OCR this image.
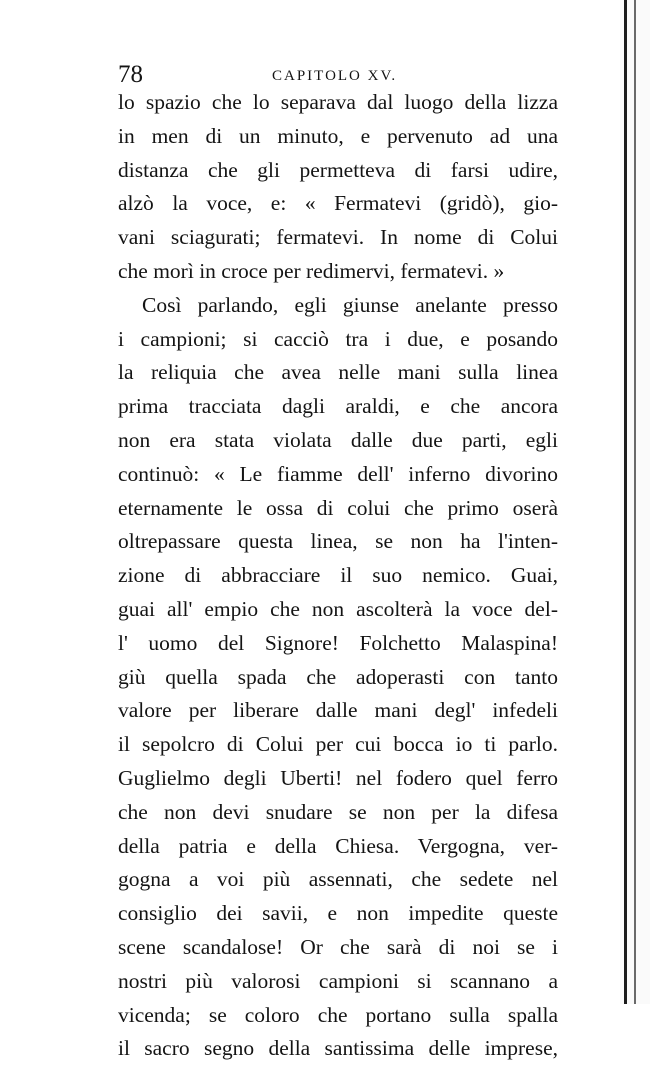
78	CAPITOLO XV.
lo spazio che lo separava dal luogo della lizza
in men di un minuto, e pervenuto ad una
distanza che gli permetteva di farsi udire,
alzò la voce, e: « Fermatevi (gridò), gio-
vani sciagurati; fermatevi. In nome di Colui
che morì in croce per redimervi, fermatevi. »
Così parlando, egli giunse anelante presso
i campioni; si cacciò tra i due, e posando
la reliquia che avea nelle mani sulla linea
prima tracciata dagli araldi, e che ancora
non era stata violata dalle due parti, egli
continuò: « Le fiamme dell' inferno divorino
eternamente le ossa di colui che primo oserà
oltrepassare questa linea, se non ha l'inten-
zione di abbracciare il suo nemico. Guai,
guai all' empio che non ascolterà la voce del-
l' uomo del Signore! Folchetto Malaspina!
giù quella spada che adoperasti con tanto
valore per liberare dalle mani degl' infedeli
il sepolcro di Colui per cui bocca io ti parlo.
Guglielmo degli Uberti! nel fodero quel ferro
che non devi snudare se non per la difesa
della patria e della Chiesa. Vergogna, ver-
gogna a voi più assennati, che sedete nel
consiglio dei savii, e non impedite queste
scene scandalose! Or che sarà di noi se i
nostri più valorosi campioni si scannano a
vicenda; se coloro che portano sulla spalla
il sacro segno della santissima delle imprese,
